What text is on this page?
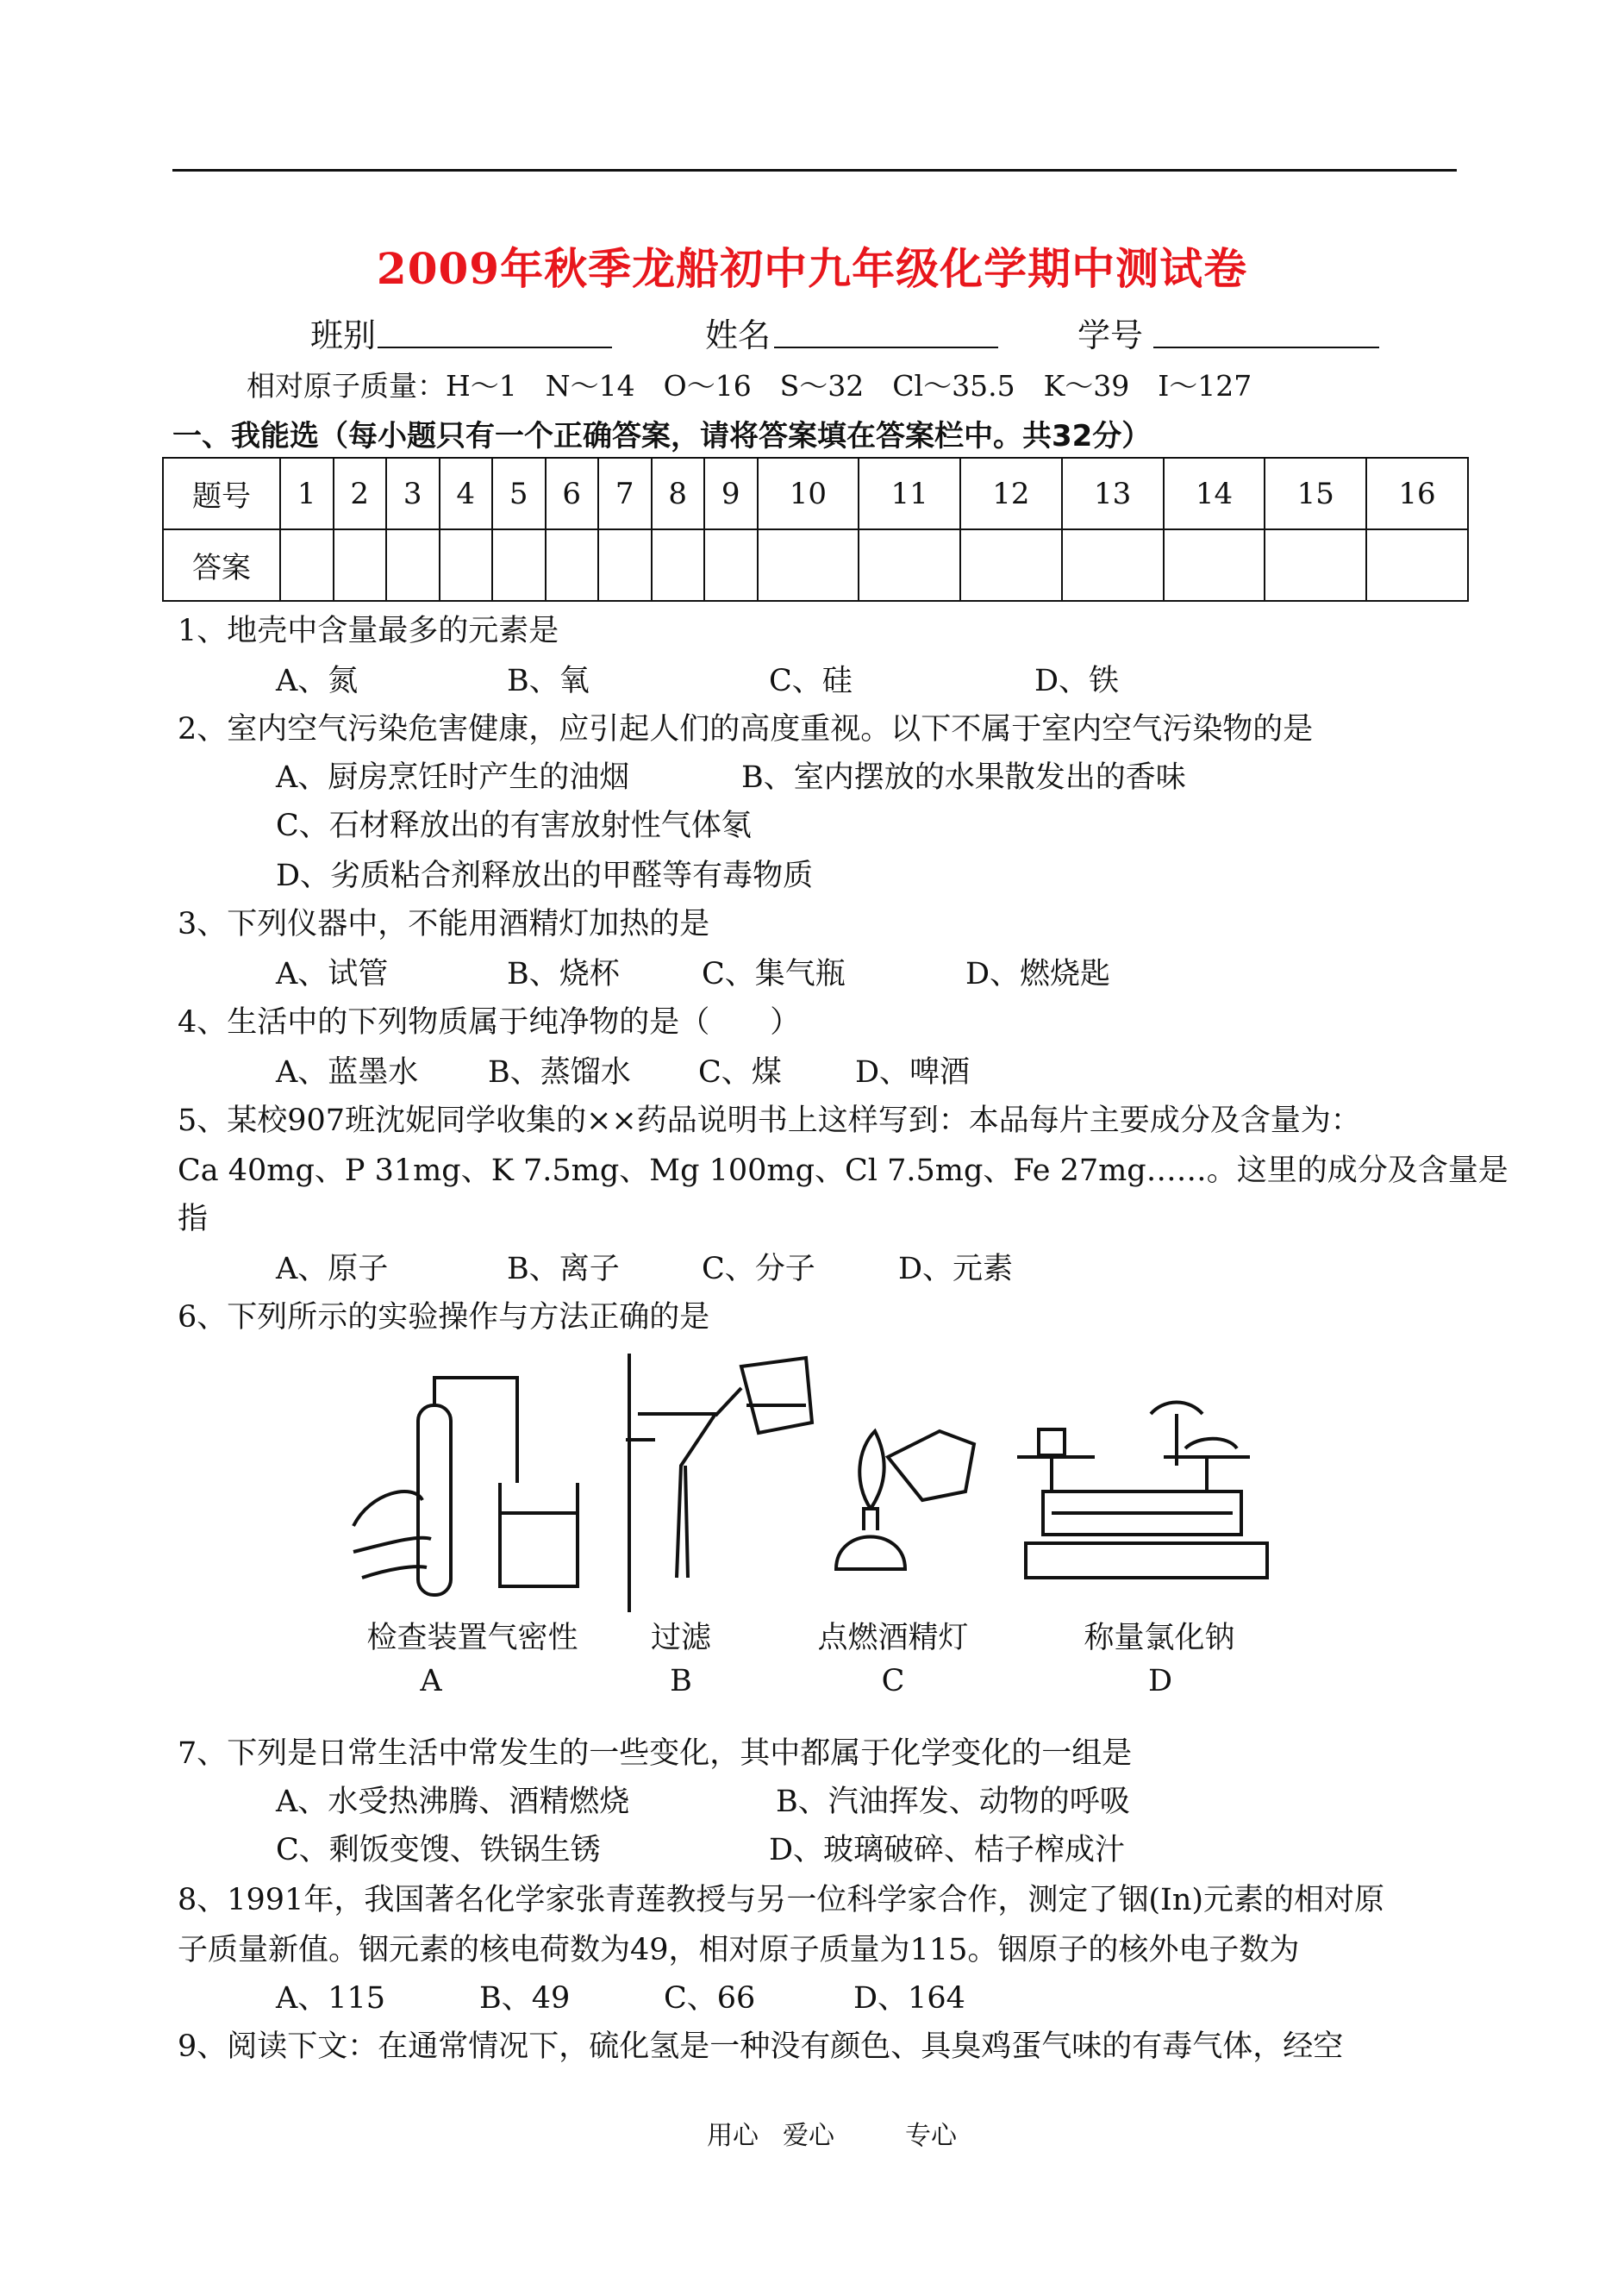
2009年秋季龙船初中九年级化学期中测试卷
班别	姓名	学号
相对原子质量：H～1　N～14　O～16　S～32　Cl～35.5　K～39　I～127
一、我能选（每小题只有一个正确答案，请将答案填在答案栏中。共32分）
题号	1	2	3	4	5	6	7	8	9	10	11	12	13	14	15	16
答案																
1、地壳中含量最多的元素是
A、氮	B、氧	C、硅	D、铁
2、室内空气污染危害健康，应引起人们的高度重视。以下不属于室内空气污染物的是
A、厨房烹饪时产生的油烟	B、室内摆放的水果散发出的香味
C、石材释放出的有害放射性气体氡
D、劣质粘合剂释放出的甲醛等有毒物质
3、下列仪器中，不能用酒精灯加热的是
A、试管	B、烧杯	C、集气瓶	D、燃烧匙
4、生活中的下列物质属于纯净物的是（　　）
A、蓝墨水 B、蒸馏水 C、煤 D、啤酒
5、某校907班沈妮同学收集的××药品说明书上这样写到：本品每片主要成分及含量为：
Ca 40mg、P 31mg、K 7.5mg、Mg 100mg、Cl 7.5mg、Fe 27mg……。这里的成分及含量是
指
A、原子	B、离子	C、分子	D、元素
6、下列所示的实验操作与方法正确的是
检查装置气密性	过滤	点燃酒精灯	称量氯化钠
A	B	C	D
7、下列是日常生活中常发生的一些变化，其中都属于化学变化的一组是
A、水受热沸腾、酒精燃烧	B、汽油挥发、动物的呼吸
C、剩饭变馊、铁锅生锈	D、玻璃破碎、桔子榨成汁
8、1991年，我国著名化学家张青莲教授与另一位科学家合作，测定了铟(In)元素的相对原
子质量新值。铟元素的核电荷数为49，相对原子质量为115。铟原子的核外电子数为
A、115	B、49	C、66	D、164
9、阅读下文：在通常情况下，硫化氢是一种没有颜色、具臭鸡蛋气味的有毒气体，经空
用心 爱心	专心
